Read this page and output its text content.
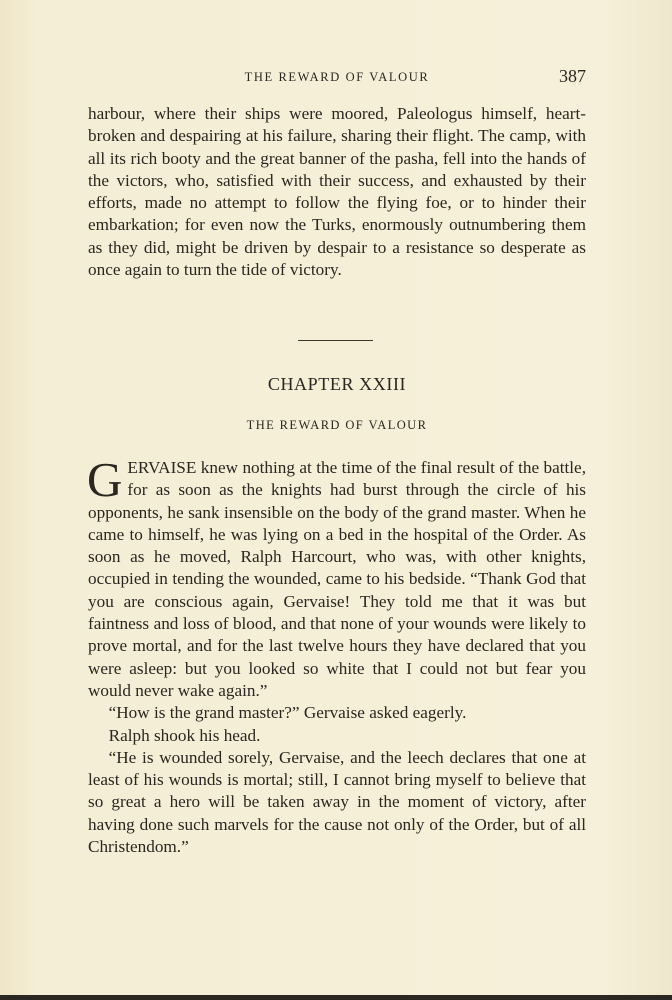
THE REWARD OF VALOUR	387

harbour, where their ships were moored, Paleologus himself, heart-broken and despairing at his failure, sharing their flight. The camp, with all its rich booty and the great banner of the pasha, fell into the hands of the victors, who, satisfied with their success, and exhausted by their efforts, made no attempt to follow the flying foe, or to hinder their embarkation; for even now the Turks, enormously outnumbering them as they did, might be driven by despair to a resistance so desperate as once again to turn the tide of victory.

CHAPTER XXIII
THE REWARD OF VALOUR

GERVAISE knew nothing at the time of the final result of the battle, for as soon as the knights had burst through the circle of his opponents, he sank insensible on the body of the grand master. When he came to himself, he was lying on a bed in the hospital of the Order. As soon as he moved, Ralph Harcourt, who was, with other knights, occupied in tending the wounded, came to his bedside. “Thank God that you are conscious again, Gervaise! They told me that it was but faintness and loss of blood, and that none of your wounds were likely to prove mortal, and for the last twelve hours they have declared that you were asleep: but you looked so white that I could not but fear you would never wake again.”

“How is the grand master?” Gervaise asked eagerly.

Ralph shook his head.

“He is wounded sorely, Gervaise, and the leech declares that one at least of his wounds is mortal; still, I cannot bring myself to believe that so great a hero will be taken away in the moment of victory, after having done such marvels for the cause not only of the Order, but of all Christendom.”
